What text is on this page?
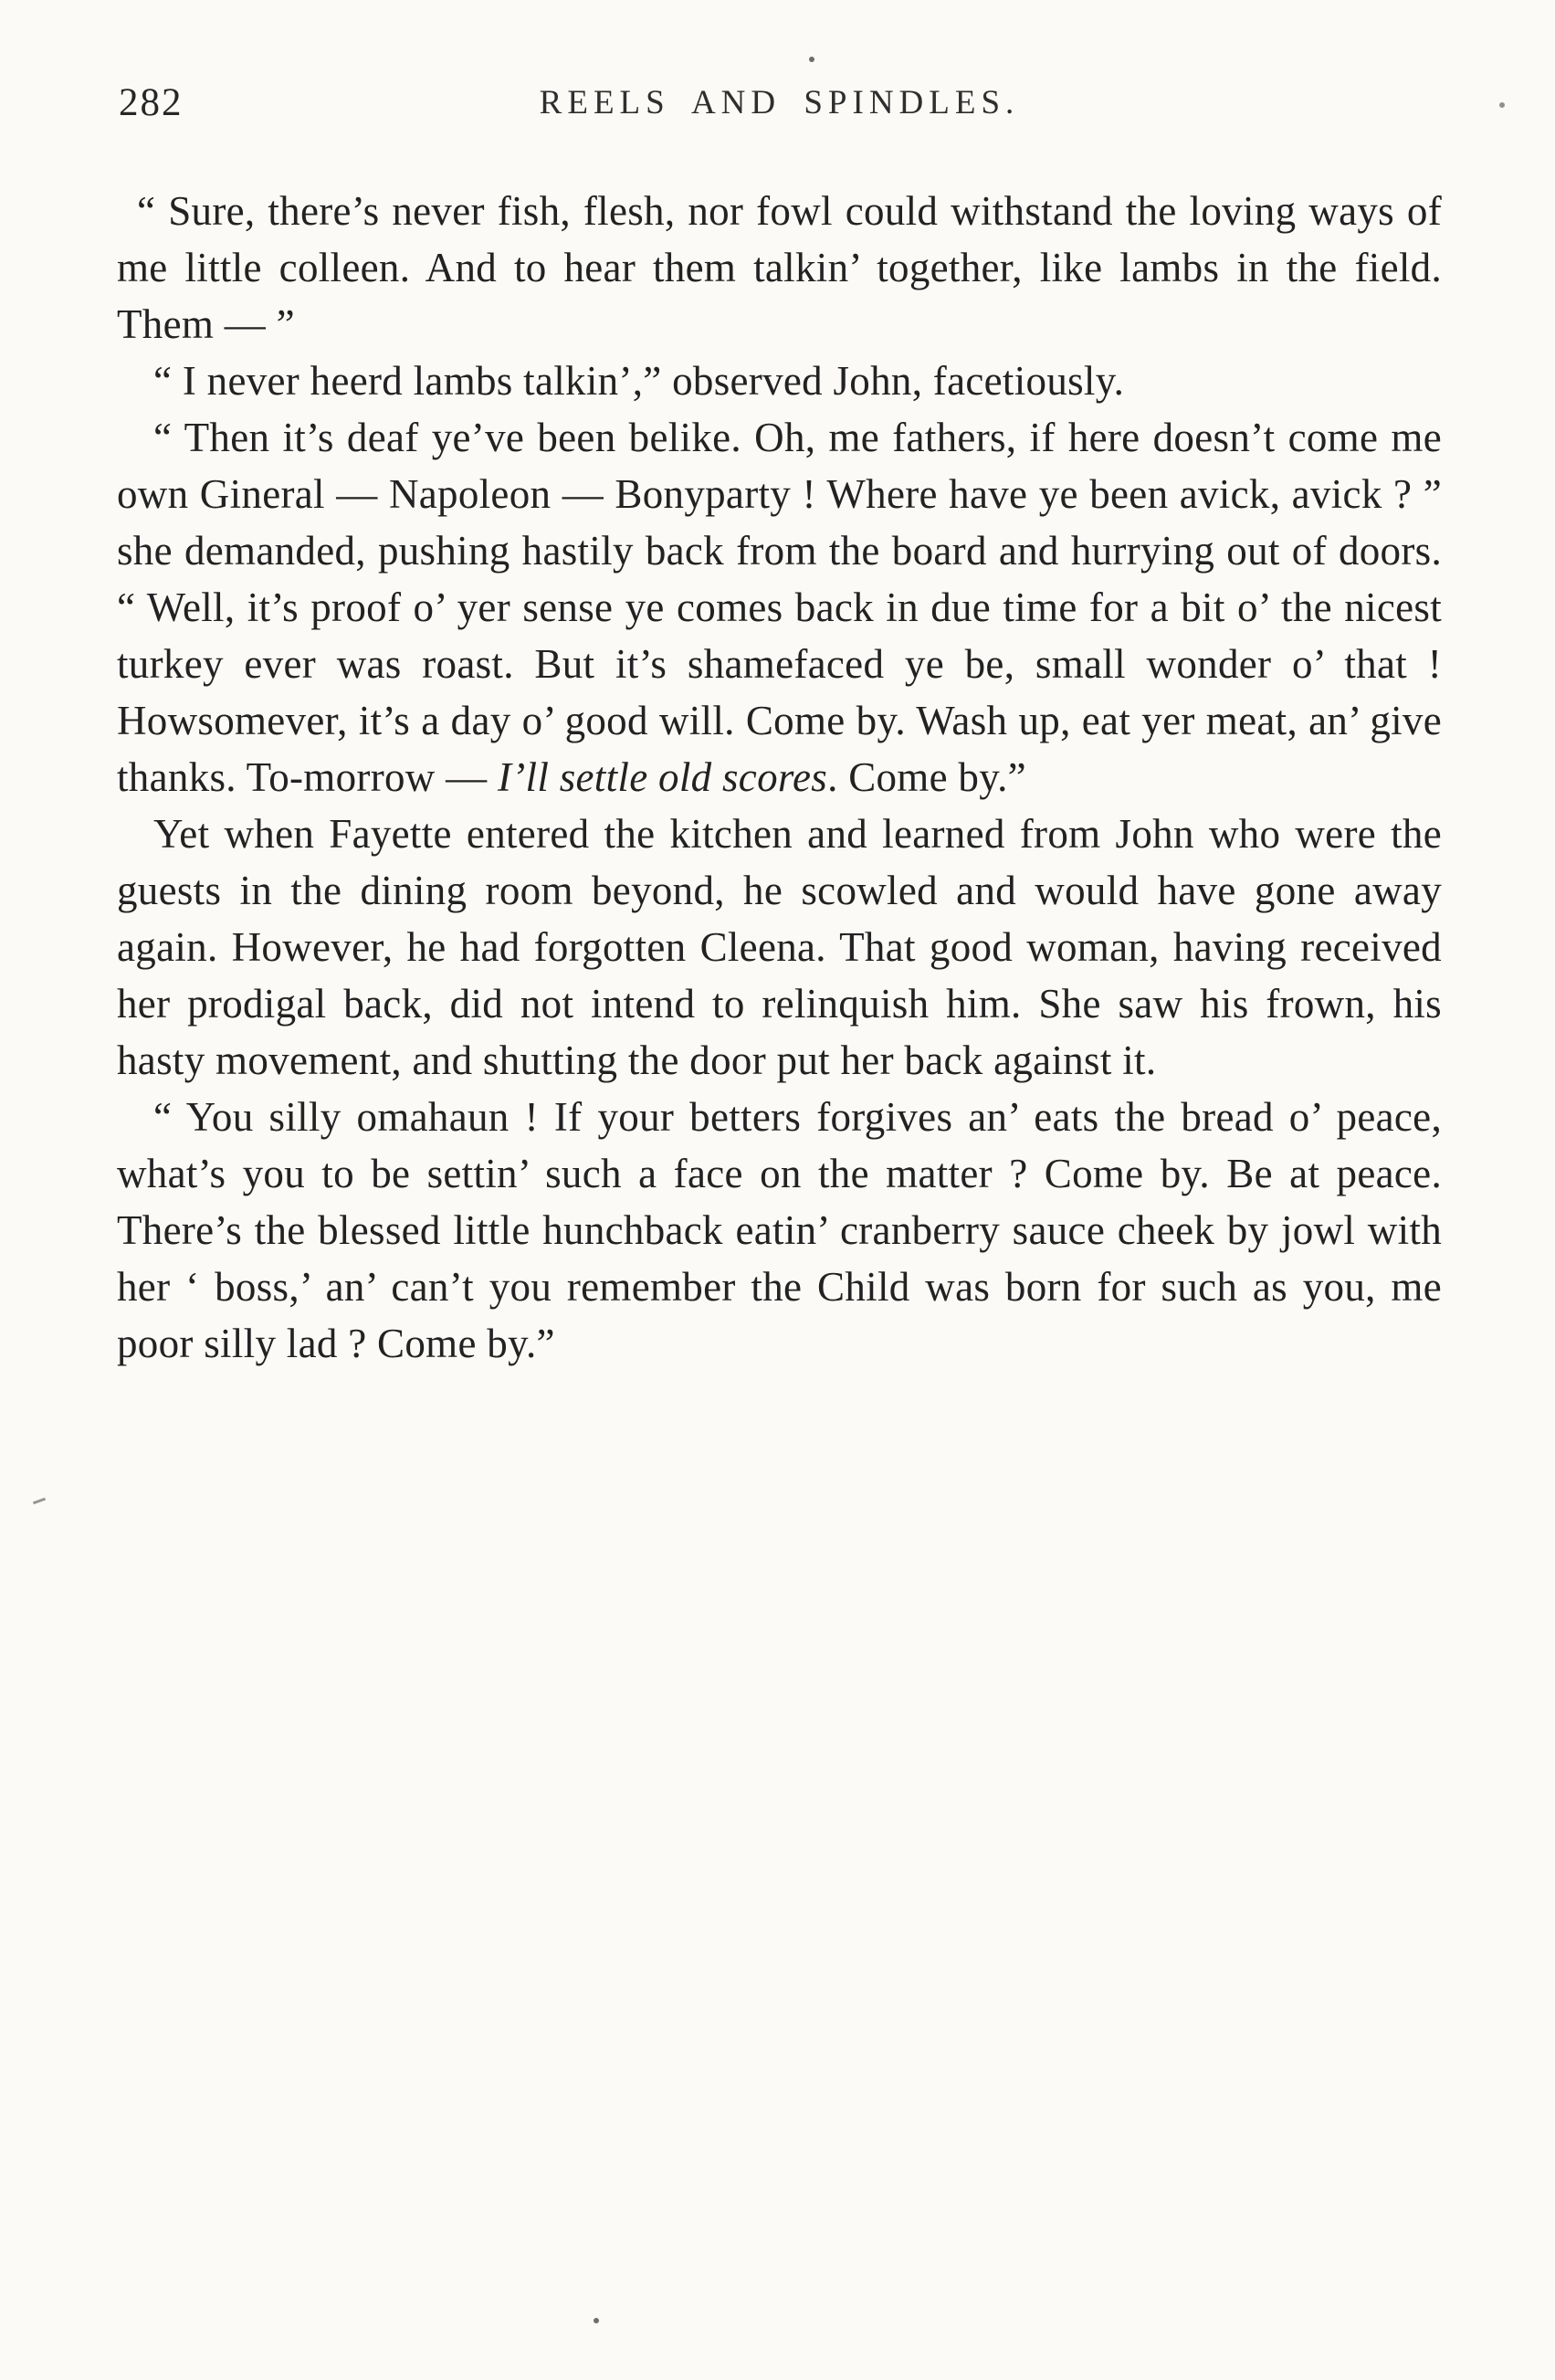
282	REELS AND SPINDLES.

“ Sure, there’s never fish, flesh, nor fowl could withstand the loving ways of me little colleen. And to hear them talkin’ together, like lambs in the field. Them — ”

“ I never heerd lambs talkin’,” observed John, facetiously.

“ Then it’s deaf ye’ve been belike. Oh, me fathers, if here doesn’t come me own Gineral — Napoleon — Bonyparty ! Where have ye been avick, avick ? ” she demanded, pushing hastily back from the board and hurrying out of doors. “ Well, it’s proof o’ yer sense ye comes back in due time for a bit o’ the nicest turkey ever was roast. But it’s shamefaced ye be, small wonder o’ that ! Howsomever, it’s a day o’ good will. Come by. Wash up, eat yer meat, an’ give thanks. To-morrow — I’ll settle old scores. Come by.”

Yet when Fayette entered the kitchen and learned from John who were the guests in the dining room beyond, he scowled and would have gone away again. However, he had forgotten Cleena. That good woman, having received her prodigal back, did not intend to relinquish him. She saw his frown, his hasty movement, and shutting the door put her back against it.

“ You silly omahaun ! If your betters forgives an’ eats the bread o’ peace, what’s you to be settin’ such a face on the matter ? Come by. Be at peace. There’s the blessed little hunchback eatin’ cranberry sauce cheek by jowl with her ‘ boss,’ an’ can’t you remember the Child was born for such as you, me poor silly lad ? Come by.”
